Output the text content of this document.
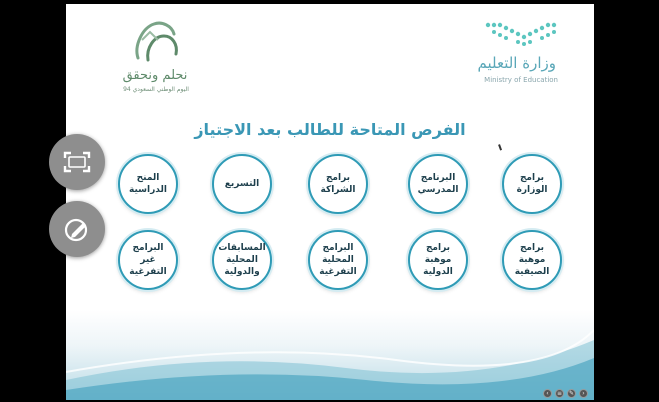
وزارة التعليم
Ministry of Education
نحلم ونحقق
اليوم الوطني السعودي 94
الفرص المتاحة للطالب بعد الاجتياز
برامج
الوزارة
البرنامج
المدرسي
برامج
الشراكة
التسريع
المنح
الدراسية
برامج
موهبة
الصيفية
برامج
موهبة
الدولية
البرامج
المحلية
التفرغية
المسابقات
المحلية
والدولية
البرامج
غير
التفرغية
‹	≡	✎	›
